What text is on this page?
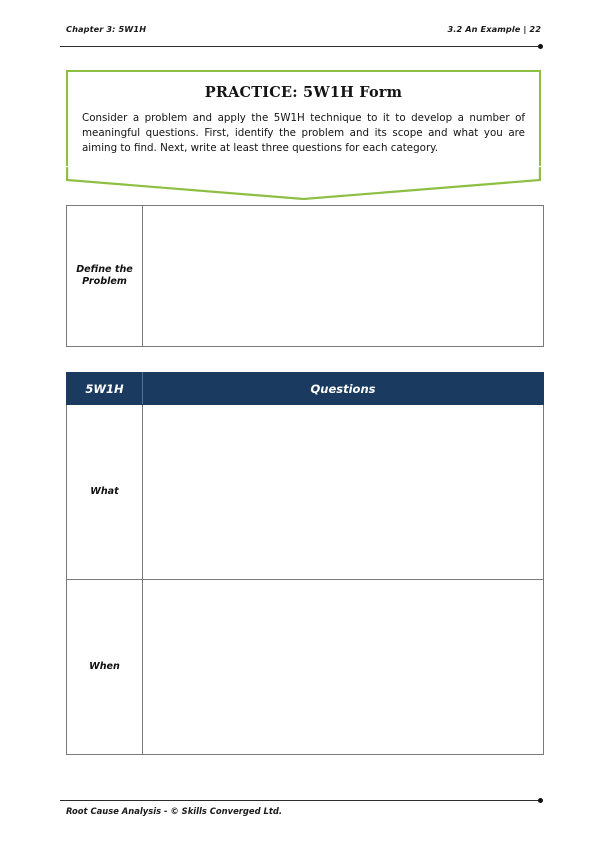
Chapter 3: 5W1H	3.2 An Example | 22
PRACTICE: 5W1H Form

Consider a problem and apply the 5W1H technique to it to develop a number of meaningful questions. First, identify the problem and its scope and what you are aiming to find. Next, write at least three questions for each category.

Define the
Problem	
5W1H	Questions
What	
When	
Root Cause Analysis - © Skills Converged Ltd.
